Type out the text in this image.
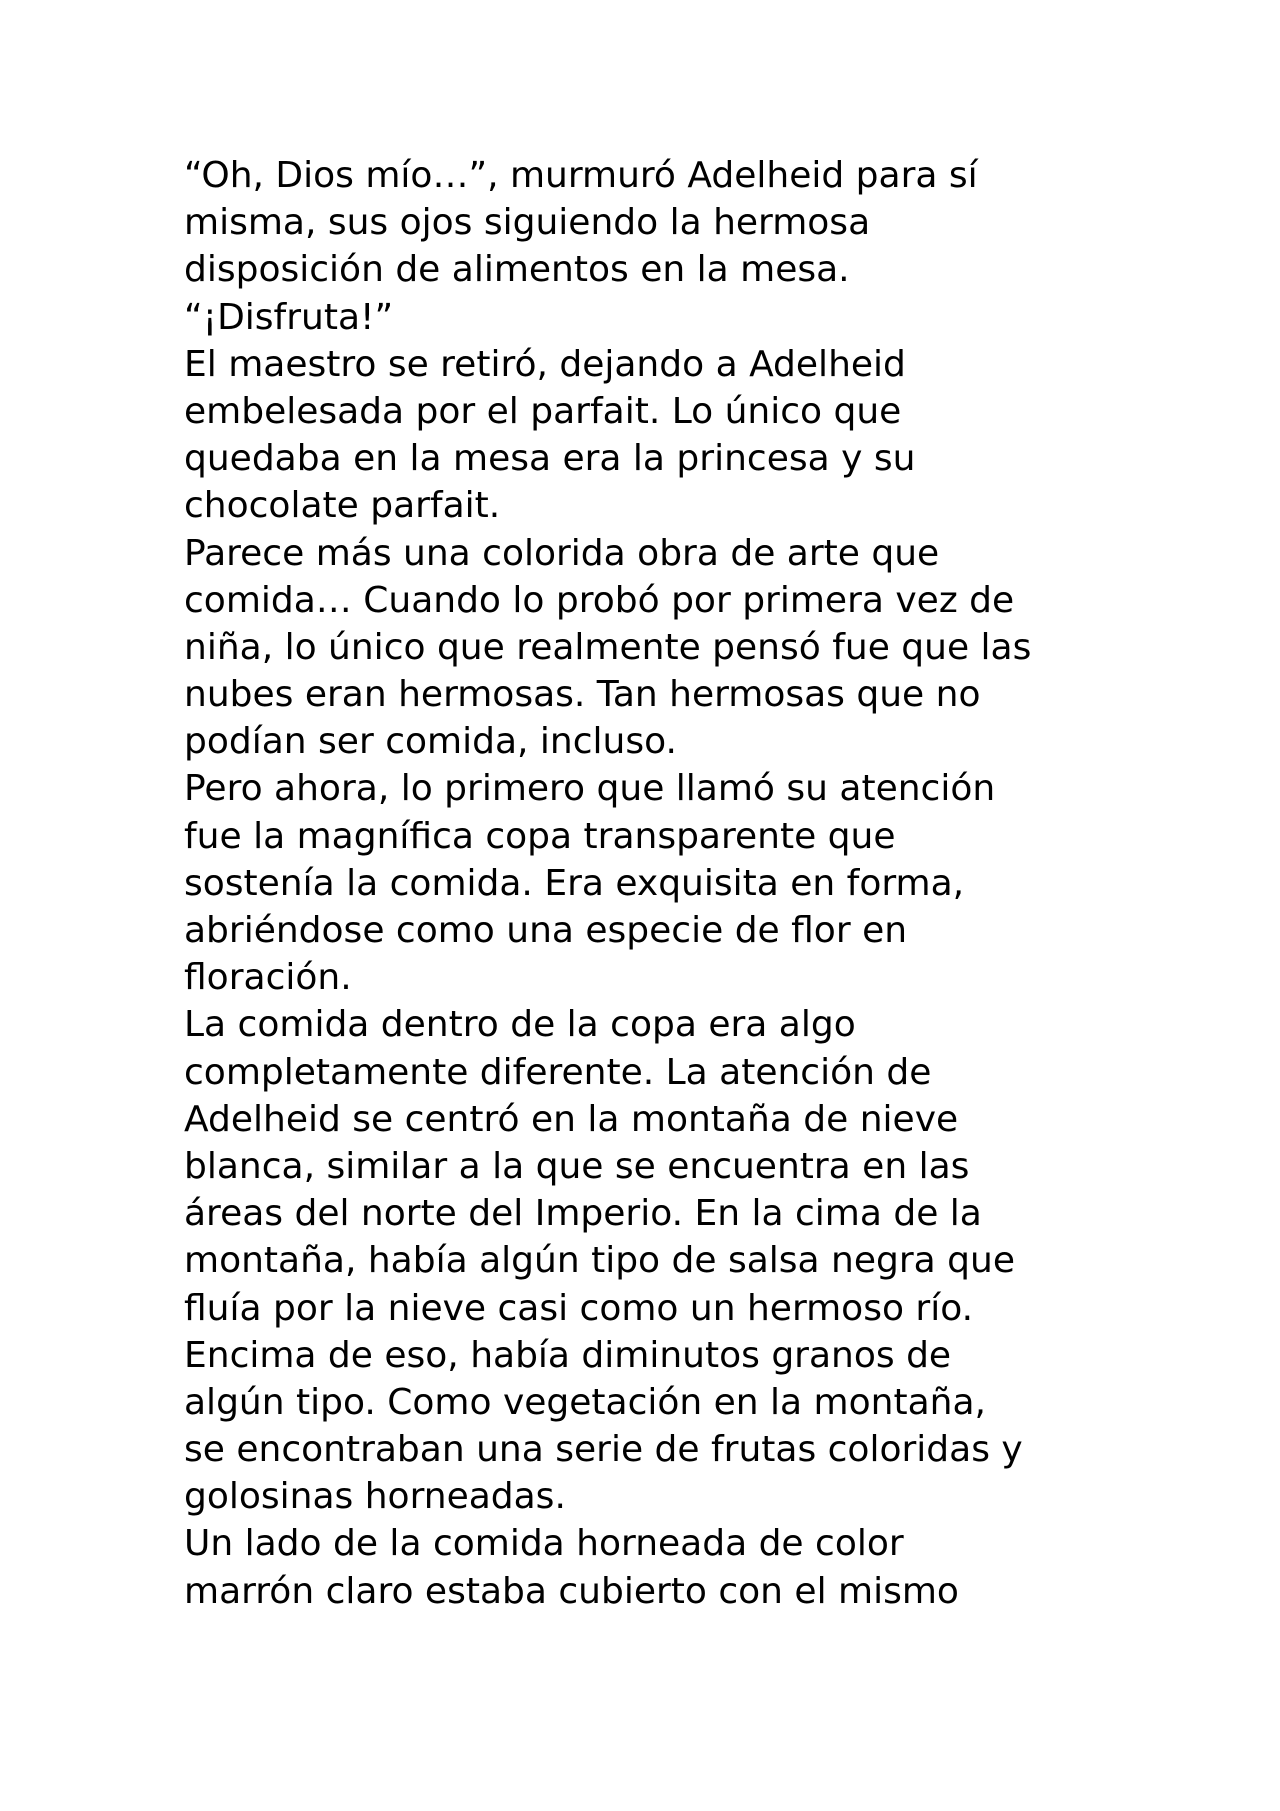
“Oh, Dios mío…”, murmuró Adelheid para sí
misma, sus ojos siguiendo la hermosa
disposición de alimentos en la mesa.
“¡Disfruta!”
El maestro se retiró, dejando a Adelheid
embelesada por el parfait. Lo único que
quedaba en la mesa era la princesa y su
chocolate parfait.
Parece más una colorida obra de arte que
comida… Cuando lo probó por primera vez de
niña, lo único que realmente pensó fue que las
nubes eran hermosas. Tan hermosas que no
podían ser comida, incluso.
Pero ahora, lo primero que llamó su atención
fue la magnífica copa transparente que
sostenía la comida. Era exquisita en forma,
abriéndose como una especie de flor en
floración.
La comida dentro de la copa era algo
completamente diferente. La atención de
Adelheid se centró en la montaña de nieve
blanca, similar a la que se encuentra en las
áreas del norte del Imperio. En la cima de la
montaña, había algún tipo de salsa negra que
fluía por la nieve casi como un hermoso río.
Encima de eso, había diminutos granos de
algún tipo. Como vegetación en la montaña,
se encontraban una serie de frutas coloridas y
golosinas horneadas.
Un lado de la comida horneada de color
marrón claro estaba cubierto con el mismo
